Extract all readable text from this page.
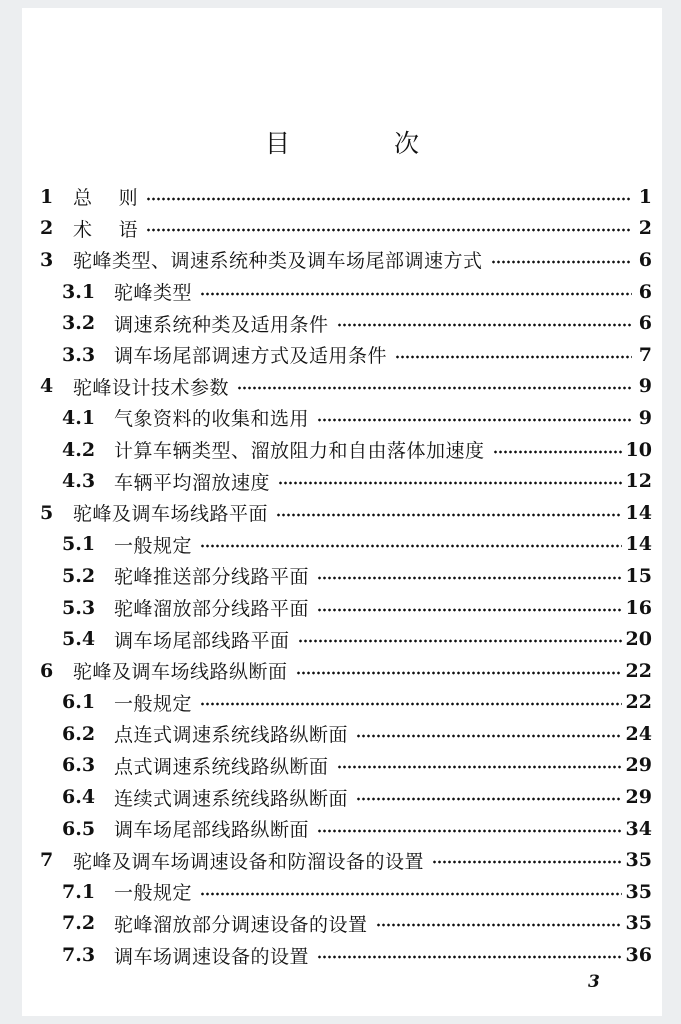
目 次
1	总    则	1
2	术    语	2
3	驼峰类型、调速系统种类及调车场尾部调速方式	6
3.1 驼峰类型	6
3.2 调速系统种类及适用条件	6
3.3 调车场尾部调速方式及适用条件	7
4	驼峰设计技术参数	9
4.1 气象资料的收集和选用	9
4.2 计算车辆类型、溜放阻力和自由落体加速度	10
4.3 车辆平均溜放速度	12
5	驼峰及调车场线路平面	14
5.1 一般规定	14
5.2 驼峰推送部分线路平面	15
5.3 驼峰溜放部分线路平面	16
5.4 调车场尾部线路平面	20
6	驼峰及调车场线路纵断面	22
6.1 一般规定	22
6.2 点连式调速系统线路纵断面	24
6.3 点式调速系统线路纵断面	29
6.4 连续式调速系统线路纵断面	29
6.5 调车场尾部线路纵断面	34
7	驼峰及调车场调速设备和防溜设备的设置	35
7.1 一般规定	35
7.2 驼峰溜放部分调速设备的设置	35
7.3 调车场调速设备的设置	36
3
